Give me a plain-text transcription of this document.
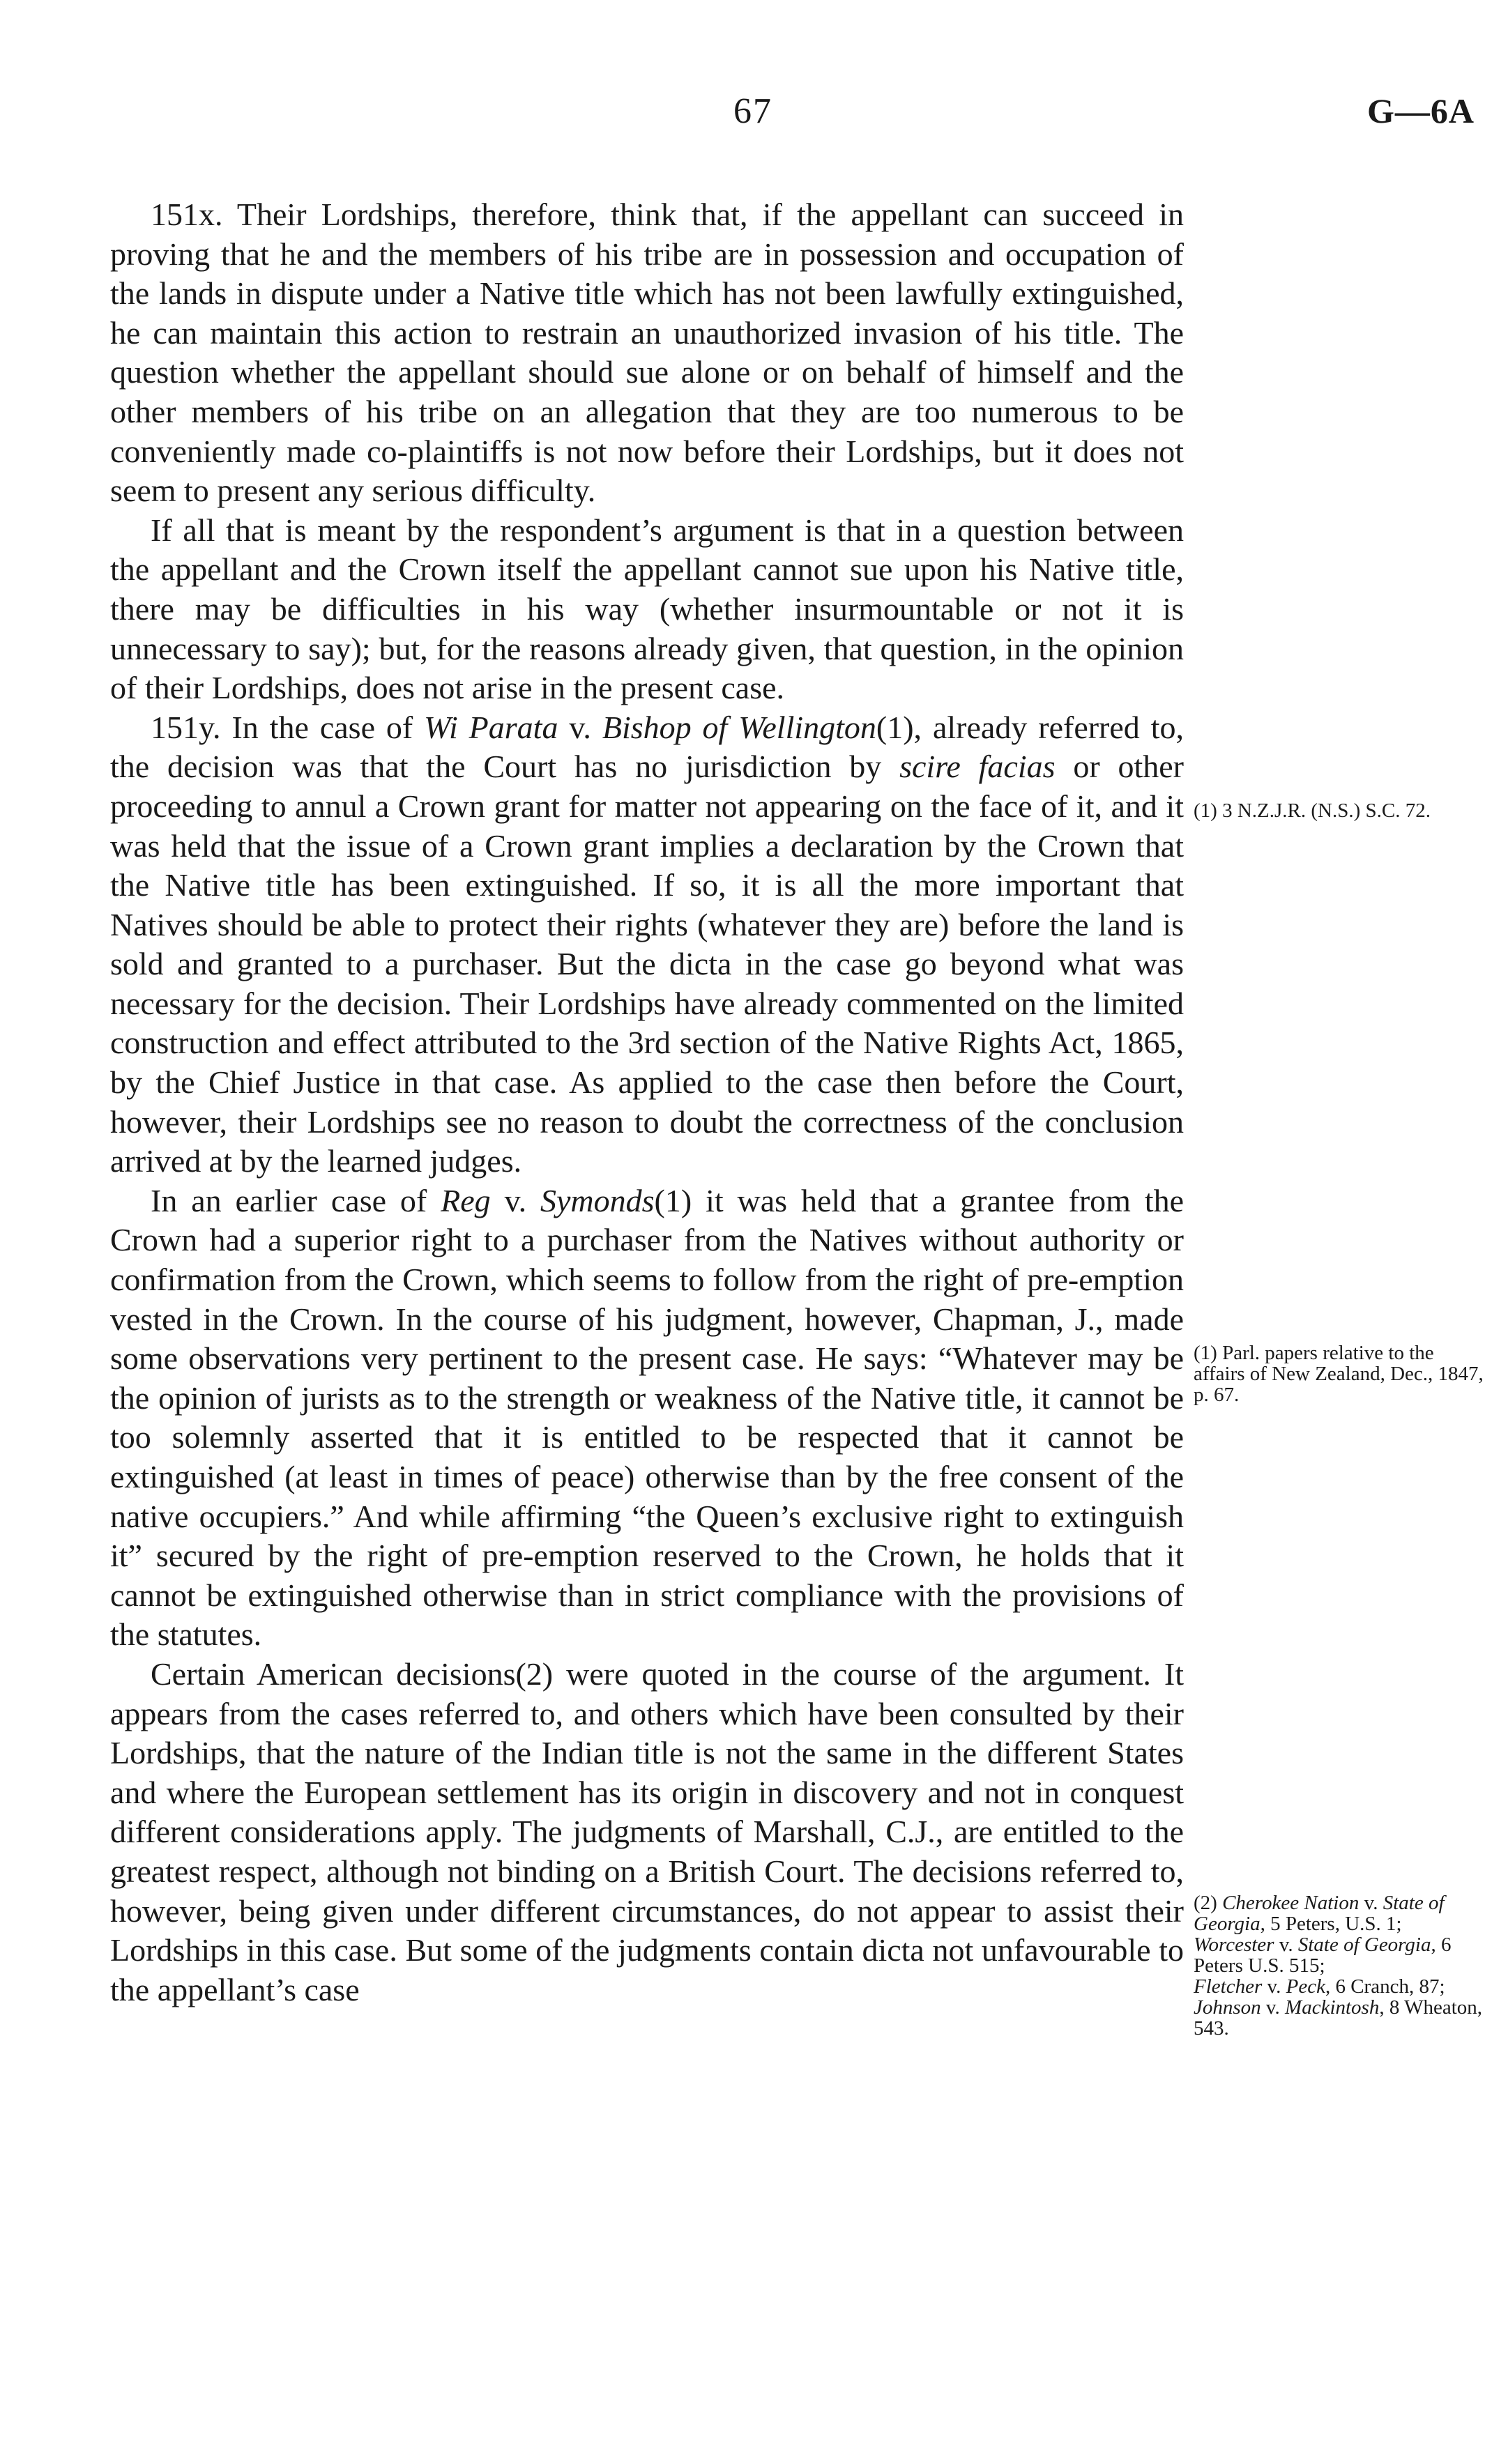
67	G—6A

151x. Their Lordships, therefore, think that, if the appellant can succeed in proving that he and the members of his tribe are in possession and occupation of the lands in dispute under a Native title which has not been lawfully extinguished, he can maintain this action to restrain an unauthorized invasion of his title. The question whether the appellant should sue alone or on behalf of himself and the other members of his tribe on an allegation that they are too numerous to be conveniently made co-plaintiffs is not now before their Lordships, but it does not seem to present any serious difficulty.

If all that is meant by the respondent’s argument is that in a question between the appellant and the Crown itself the appellant cannot sue upon his Native title, there may be difficulties in his way (whether insurmountable or not it is unnecessary to say); but, for the reasons already given, that question, in the opinion of their Lordships, does not arise in the present case.

151y. In the case of Wi Parata v. Bishop of Wellington(1), already referred to, the decision was that the Court has no jurisdiction by scire facias or other proceeding to annul a Crown grant for matter not appearing on the face of it, and it was held that the issue of a Crown grant implies a declaration by the Crown that the Native title has been extinguished. If so, it is all the more important that Natives should be able to protect their rights (whatever they are) before the land is sold and granted to a purchaser. But the dicta in the case go beyond what was necessary for the decision. Their Lordships have already commented on the limited construction and effect attributed to the 3rd section of the Native Rights Act, 1865, by the Chief Justice in that case. As applied to the case then before the Court, however, their Lordships see no reason to doubt the correctness of the conclusion arrived at by the learned judges.

In an earlier case of Reg v. Symonds(1) it was held that a grantee from the Crown had a superior right to a purchaser from the Natives without authority or confirmation from the Crown, which seems to follow from the right of pre-emption vested in the Crown. In the course of his judgment, however, Chapman, J., made some observations very pertinent to the present case. He says: “Whatever may be the opinion of jurists as to the strength or weakness of the Native title, it cannot be too solemnly asserted that it is entitled to be respected that it cannot be extinguished (at least in times of peace) otherwise than by the free consent of the native occupiers.” And while affirming “the Queen’s exclusive right to extinguish it” secured by the right of pre-emption reserved to the Crown, he holds that it cannot be extinguished otherwise than in strict compliance with the provisions of the statutes.

Certain American decisions(2) were quoted in the course of the argument. It appears from the cases referred to, and others which have been consulted by their Lordships, that the nature of the Indian title is not the same in the different States and where the European settlement has its origin in discovery and not in conquest different considerations apply. The judgments of Marshall, C.J., are entitled to the greatest respect, although not binding on a British Court. The decisions referred to, however, being given under different circumstances, do not appear to assist their Lordships in this case. But some of the judgments contain dicta not unfavourable to the appellant’s case

(1) 3 N.Z.J.R. (N.S.) S.C. 72.
(1) Parl. papers relative to the affairs of New Zealand, Dec., 1847, p. 67.
(2) Cherokee Nation v. State of Georgia, 5 Peters, U.S. 1;
Worcester v. State of Georgia, 6 Peters U.S. 515;
Fletcher v. Peck, 6 Cranch, 87;
Johnson v. Mackintosh, 8 Wheaton, 543.
